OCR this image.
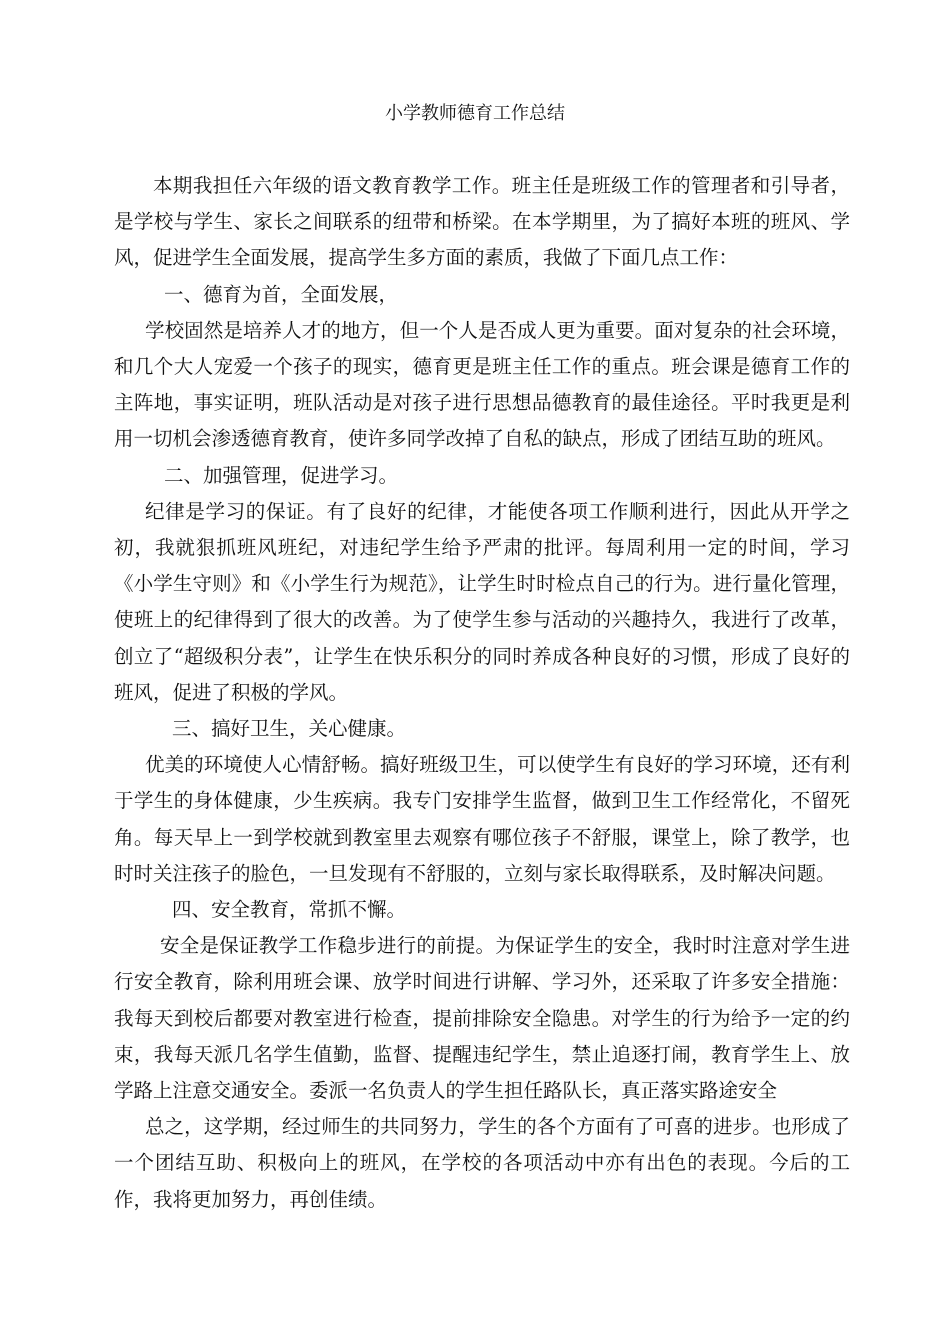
小学教师德育工作总结

本期我担任六年级的语文教育教学工作。班主任是班级工作的管理者和引导者，是学校与学生、家长之间联系的纽带和桥梁。在本学期里，为了搞好本班的班风、学风，促进学生全面发展，提高学生多方面的素质，我做了下面几点工作：

一、德育为首，全面发展，

学校固然是培养人才的地方，但一个人是否成人更为重要。面对复杂的社会环境，和几个大人宠爱一个孩子的现实，德育更是班主任工作的重点。班会课是德育工作的主阵地，事实证明，班队活动是对孩子进行思想品德教育的最佳途径。平时我更是利用一切机会渗透德育教育，使许多同学改掉了自私的缺点，形成了团结互助的班风。

二、加强管理，促进学习。

纪律是学习的保证。有了良好的纪律，才能使各项工作顺利进行，因此从开学之初，我就狠抓班风班纪，对违纪学生给予严肃的批评。每周利用一定的时间，学习《小学生守则》和《小学生行为规范》，让学生时时检点自己的行为。进行量化管理，使班上的纪律得到了很大的改善。为了使学生参与活动的兴趣持久，我进行了改革，创立了“超级积分表”，让学生在快乐积分的同时养成各种良好的习惯，形成了良好的班风，促进了积极的学风。

三、搞好卫生，关心健康。

优美的环境使人心情舒畅。搞好班级卫生，可以使学生有良好的学习环境，还有利于学生的身体健康，少生疾病。我专门安排学生监督，做到卫生工作经常化，不留死角。每天早上一到学校就到教室里去观察有哪位孩子不舒服，课堂上，除了教学，也时时关注孩子的脸色，一旦发现有不舒服的，立刻与家长取得联系，及时解决问题。

四、安全教育，常抓不懈。

安全是保证教学工作稳步进行的前提。为保证学生的安全，我时时注意对学生进行安全教育，除利用班会课、放学时间进行讲解、学习外，还采取了许多安全措施：我每天到校后都要对教室进行检查，提前排除安全隐患。对学生的行为给予一定的约束，我每天派几名学生值勤，监督、提醒违纪学生，禁止追逐打闹，教育学生上、放学路上注意交通安全。委派一名负责人的学生担任路队长，真正落实路途安全

总之，这学期，经过师生的共同努力，学生的各个方面有了可喜的进步。也形成了一个团结互助、积极向上的班风，在学校的各项活动中亦有出色的表现。今后的工作，我将更加努力，再创佳绩。
